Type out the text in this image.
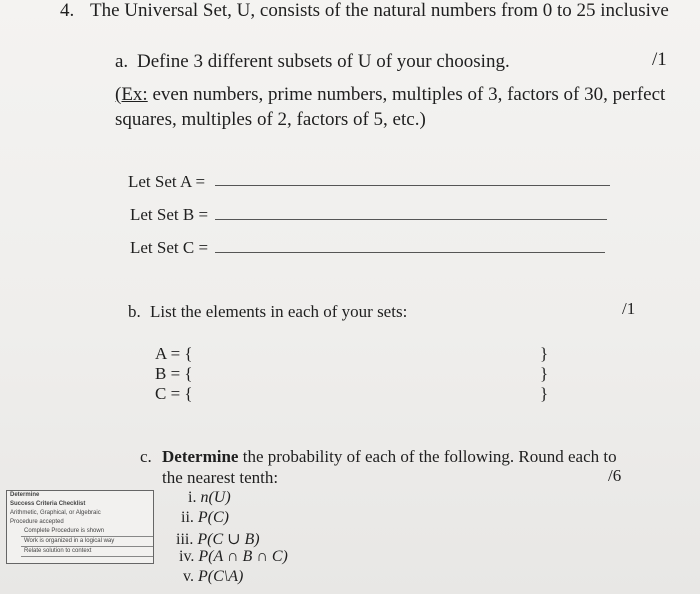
4. The Universal Set, U, consists of the natural numbers from 0 to 25 inclusive
a. Define 3 different subsets of U of your choosing.	/1
(Ex: even numbers, prime numbers, multiples of 3, factors of 30, perfect
squares, multiples of 2, factors of 5, etc.)
Let Set A =
Let Set B =
Let Set C =
b. List the elements in each of your sets:	/1
A = {	}
B = {	}
C = {	}
c. Determine the probability of each of the following. Round each to
the nearest tenth:	/6
i. n(U)
ii. P(C)
iii. P(C ∪ B)
iv. P(A ∩ B ∩ C)
v. P(C\A)
Determine
Success Criteria Checklist
Arithmetic, Graphical, or Algebraic
Procedure accepted
Complete Procedure is shown
Work is organized in a logical way
Relate solution to context
